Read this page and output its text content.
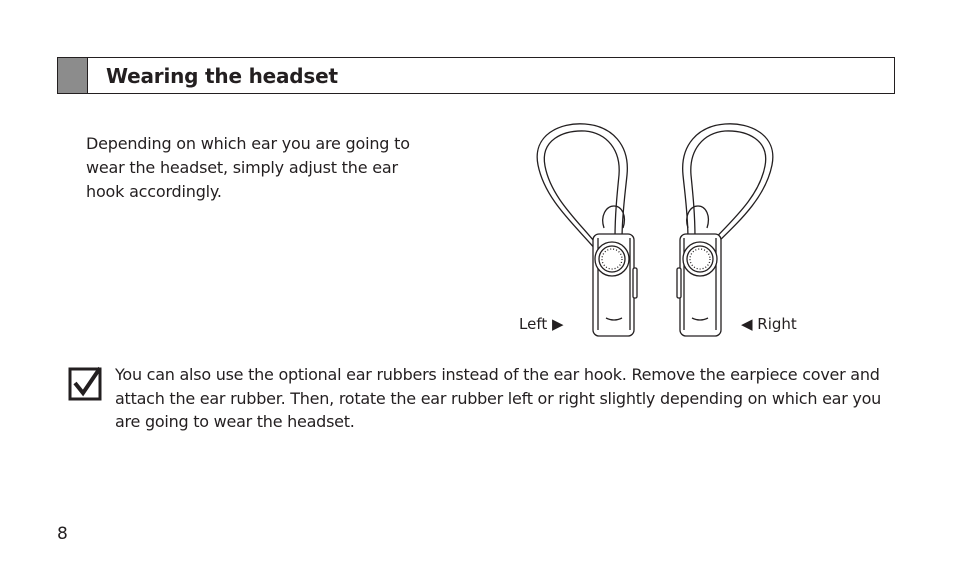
Wearing the headset
Depending on which ear you are going to wear the headset, simply adjust the ear hook accordingly.
Left ▶	◀ Right
You can also use the optional ear rubbers instead of the ear hook. Remove the earpiece cover and attach the ear rubber. Then, rotate the ear rubber left or right slightly depending on which ear you are going to wear the headset.
8
